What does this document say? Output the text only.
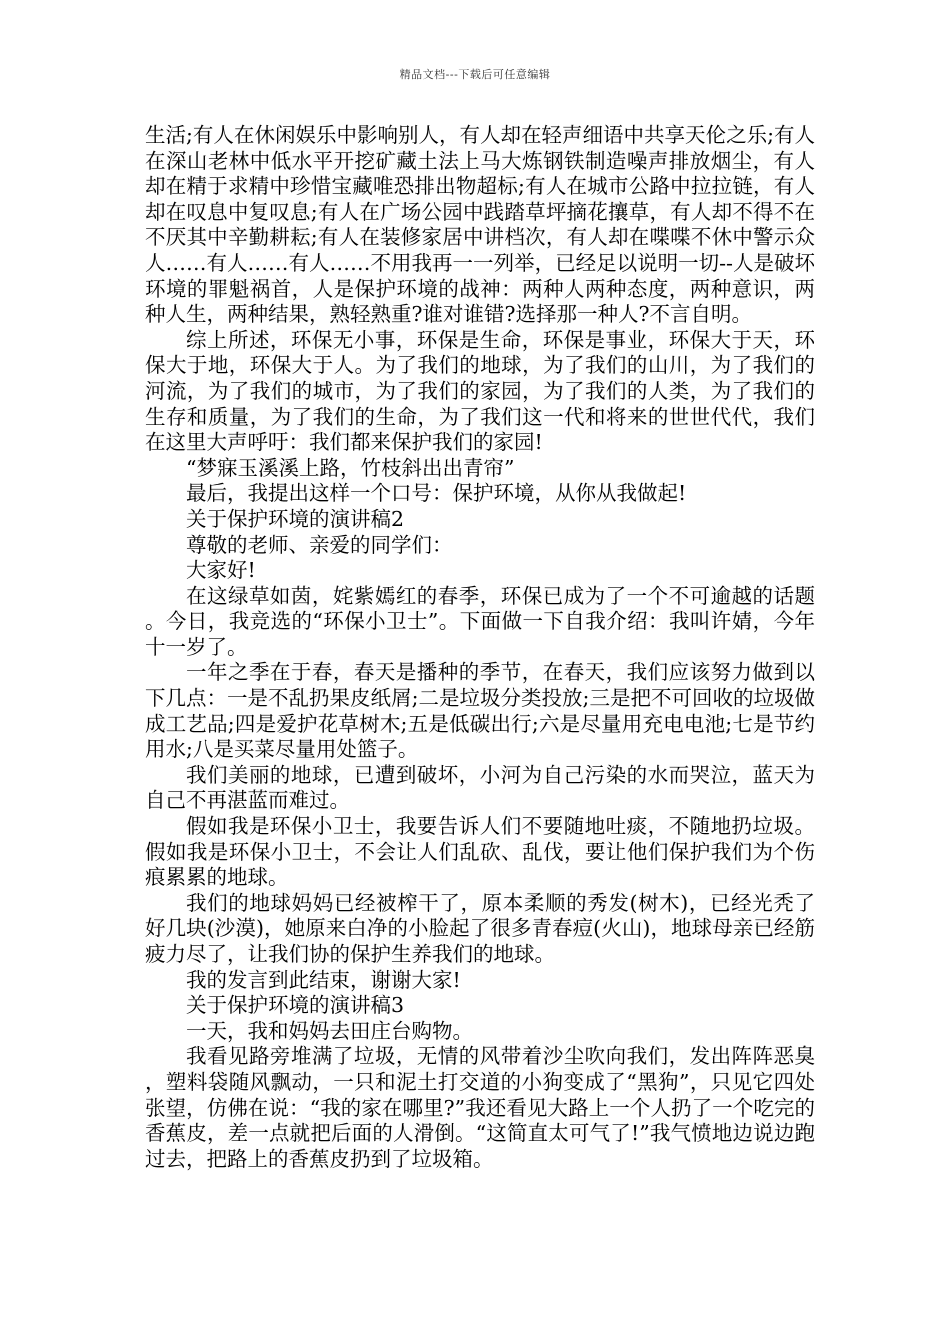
精品文档---下载后可任意编辑

生活;有人在休闲娱乐中影响别人，有人却在轻声细语中共享天伦之乐;有人在深山老林中低水平开挖矿藏土法上马大炼钢铁制造噪声排放烟尘，有人却在精于求精中珍惜宝藏唯恐排出物超标;有人在城市公路中拉拉链，有人却在叹息中复叹息;有人在广场公园中践踏草坪摘花攘草，有人却不得不在不厌其中辛勤耕耘;有人在装修家居中讲档次，有人却在喋喋不休中警示众人……有人……有人……不用我再一一列举，已经足以说明一切--人是破坏环境的罪魁祸首，人是保护环境的战神：两种人两种态度，两种意识，两种人生，两种结果，熟轻熟重?谁对谁错?选择那一种人?不言自明。

综上所述，环保无小事，环保是生命，环保是事业，环保大于天，环保大于地，环保大于人。为了我们的地球，为了我们的山川，为了我们的河流，为了我们的城市，为了我们的家园，为了我们的人类，为了我们的生存和质量，为了我们的生命，为了我们这一代和将来的世世代代，我们在这里大声呼吁：我们都来保护我们的家园!

“梦寐玉溪溪上路，竹枝斜出出青帘”

最后，我提出这样一个口号：保护环境，从你从我做起!

关于保护环境的演讲稿2

尊敬的老师、亲爱的同学们：

大家好!

在这绿草如茵，姹紫嫣红的春季，环保已成为了一个不可逾越的话题。今日，我竞选的“环保小卫士”。下面做一下自我介绍：我叫许婧，今年十一岁了。

一年之季在于春，春天是播种的季节，在春天，我们应该努力做到以下几点：一是不乱扔果皮纸屑;二是垃圾分类投放;三是把不可回收的垃圾做成工艺品;四是爱护花草树木;五是低碳出行;六是尽量用充电电池;七是节约用水;八是买菜尽量用处篮子。

我们美丽的地球，已遭到破坏，小河为自己污染的水而哭泣，蓝天为自己不再湛蓝而难过。

假如我是环保小卫士，我要告诉人们不要随地吐痰，不随地扔垃圾。假如我是环保小卫士，不会让人们乱砍、乱伐，要让他们保护我们为个伤痕累累的地球。

我们的地球妈妈已经被榨干了，原本柔顺的秀发(树木)，已经光秃了好几块(沙漠)，她原来白净的小脸起了很多青春痘(火山)，地球母亲已经筋疲力尽了，让我们协的保护生养我们的地球。

我的发言到此结束，谢谢大家!

关于保护环境的演讲稿3

一天，我和妈妈去田庄台购物。

我看见路旁堆满了垃圾，无情的风带着沙尘吹向我们，发出阵阵恶臭，塑料袋随风飘动，一只和泥土打交道的小狗变成了“黑狗”，只见它四处张望，仿佛在说：“我的家在哪里?”我还看见大路上一个人扔了一个吃完的香蕉皮，差一点就把后面的人滑倒。“这简直太可气了!”我气愤地边说边跑过去，把路上的香蕉皮扔到了垃圾箱。
